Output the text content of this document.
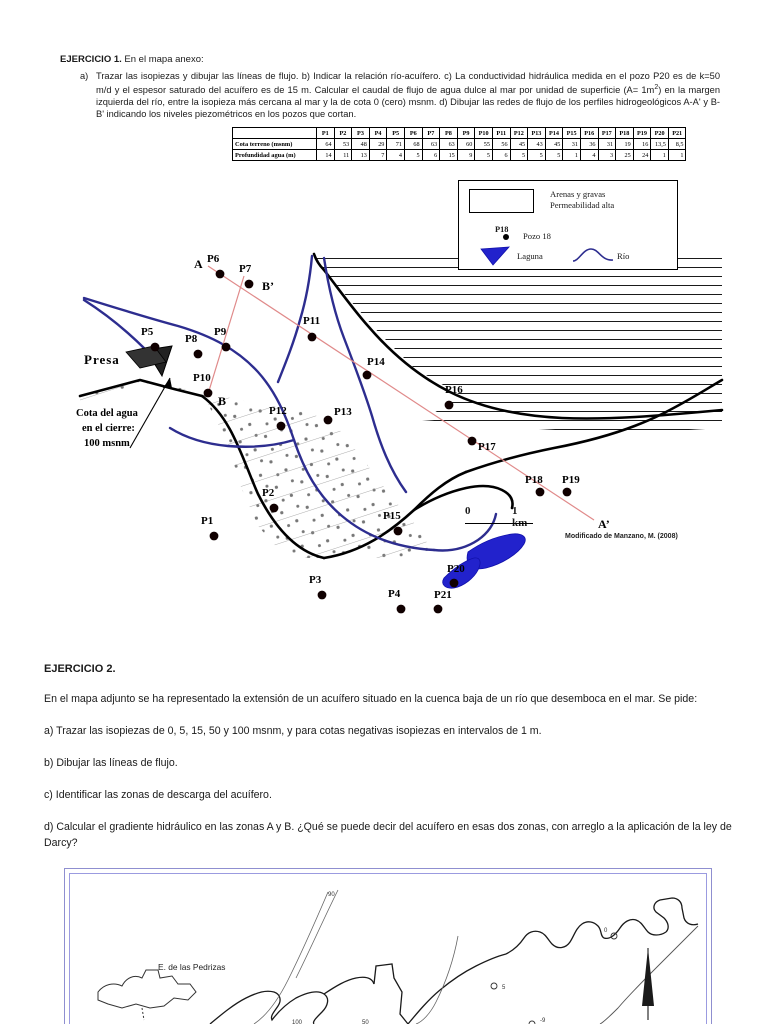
EJERCICIO 1. En el mapa anexo:
a) Trazar las isopiezas y dibujar las líneas de flujo. b) Indicar la relación río-acuífero. c) La conductividad hidráulica medida en el pozo P20 es de k=50 m/d y el espesor saturado del acuífero es de 15 m. Calcular el caudal de flujo de agua dulce al mar por unidad de superficie $(A= 1m^2)$ en la margen izquierda del río, entre la isopieza más cercana al mar y la de cota 0 (cero) msnm. d) Dibujar las redes de flujo de los perfiles hidrogeológicos A-A' y B-B' indicando los niveles piezométricos en los pozos que cortan.
Presa
Cota del agua
en el cierre:
100 msnm
A
A’
B
B’
P1
P2
P3
P4
P5
P6
P7
P8
P9
P10
P11
P12	P13
P14
P15
P16
P17
P18 P19
P20
P21
	P1	P2	P3	P4	P5	P6	P7	P8	P9	P10	P11	P12	P13	P14	P15	P16	P17	P18	P19	P20	P21
Cota terreno (msnm)	64	53	48	29	71	68	63	63	60	55	56	45	43	45	31	36	31	19	16	13,5	8,5
Profundidad agua (m)	14	11	13	7	4	5	6	15	9	5	6	5	5	5	1	4	3	25	24	1	1
Arenas y gravas
Permeabilidad alta
P18
Pozo 18
Laguna	Río
0	1 km
Modificado de Manzano, M. (2008)
EJERCICIO 2.

En el mapa adjunto se ha representado la extensión de un acuífero situado en la cuenca baja de un río que desemboca en el mar. Se pide:

a) Trazar las isopiezas de 0, 5, 15, 50 y 100 msnm, y para cotas negativas isopiezas en intervalos de 1 m.

b) Dibujar las líneas de flujo.

c) Identificar las zonas de descarga del acuífero.

d) Calcular el gradiente hidráulico en las zonas A y B. ¿Qué se puede decir del acuífero en esas dos zonas, con arreglo a la aplicación de la ley de Darcy?

E. de las Pedrizas
90
50
100
5
0
-9
